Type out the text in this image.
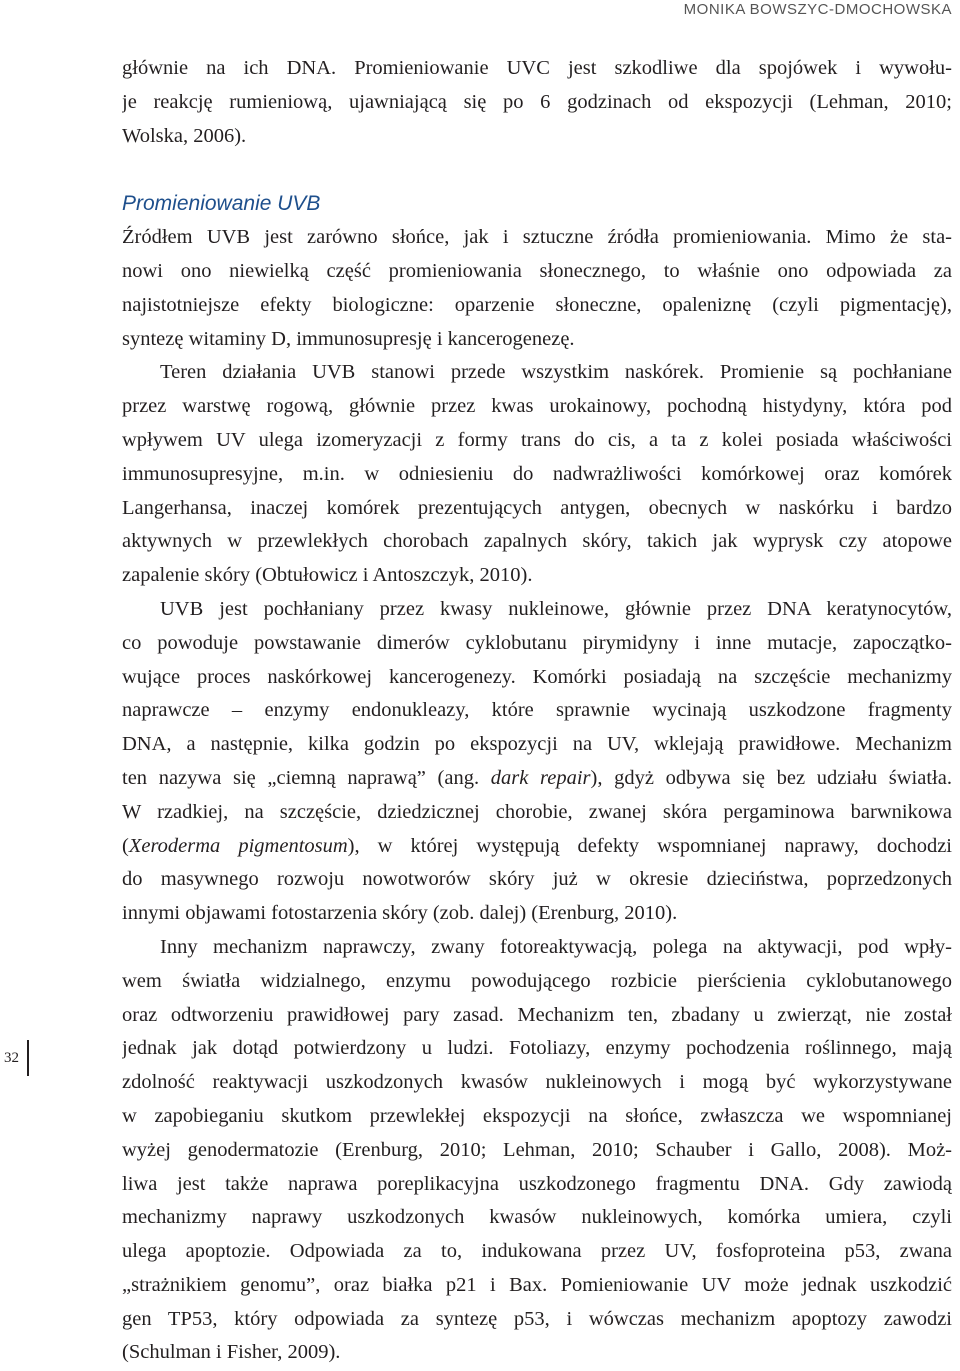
MONIKA BOWSZYC-DMOCHOWSKA
32
głównie na ich DNA. Promieniowanie UVC jest szkodliwe dla spojówek i wywołu-
je reakcję rumieniową, ujawniającą się po 6 godzinach od ekspozycji (Lehman, 2010;
Wolska, 2006).
Promieniowanie UVB
Źródłem UVB jest zarówno słońce, jak i sztuczne źródła promieniowania. Mimo że sta-
nowi ono niewielką część promieniowania słonecznego, to właśnie ono odpowiada za
najistotniejsze efekty biologiczne: oparzenie słoneczne, opaleniznę (czyli pigmentację),
syntezę witaminy D, immunosupresję i kancerogenezę.
Teren działania UVB stanowi przede wszystkim naskórek. Promienie są pochłaniane
przez warstwę rogową, głównie przez kwas urokainowy, pochodną histydyny, która pod
wpływem UV ulega izomeryzacji z formy trans do cis, a ta z kolei posiada właściwości
immunosupresyjne, m.in. w odniesieniu do nadwrażliwości komórkowej oraz komórek
Langerhansa, inaczej komórek prezentujących antygen, obecnych w naskórku i bardzo
aktywnych w przewlekłych chorobach zapalnych skóry, takich jak wyprysk czy atopowe
zapalenie skóry (Obtułowicz i Antoszczyk, 2010).
UVB jest pochłaniany przez kwasy nukleinowe, głównie przez DNA keratynocytów,
co powoduje powstawanie dimerów cyklobutanu pirymidyny i inne mutacje, zapoczątko-
wujące proces naskórkowej kancerogenezy. Komórki posiadają na szczęście mechanizmy
naprawcze – enzymy endonukleazy, które sprawnie wycinają uszkodzone fragmenty
DNA, a następnie, kilka godzin po ekspozycji na UV, wklejają prawidłowe. Mechanizm
ten nazywa się „ciemną naprawą” (ang. dark repair), gdyż odbywa się bez udziału światła.
W rzadkiej, na szczęście, dziedzicznej chorobie, zwanej skóra pergaminowa barwnikowa
(Xeroderma pigmentosum), w której występują defekty wspomnianej naprawy, dochodzi
do masywnego rozwoju nowotworów skóry już w okresie dzieciństwa, poprzedzonych
innymi objawami fotostarzenia skóry (zob. dalej) (Erenburg, 2010).
Inny mechanizm naprawczy, zwany fotoreaktywacją, polega na aktywacji, pod wpły-
wem światła widzialnego, enzymu powodującego rozbicie pierścienia cyklobutanowego
oraz odtworzeniu prawidłowej pary zasad. Mechanizm ten, zbadany u zwierząt, nie został
jednak jak dotąd potwierdzony u ludzi. Fotoliazy, enzymy pochodzenia roślinnego, mają
zdolność reaktywacji uszkodzonych kwasów nukleinowych i mogą być wykorzystywane
w zapobieganiu skutkom przewlekłej ekspozycji na słońce, zwłaszcza we wspomnianej
wyżej genodermatozie (Erenburg, 2010; Lehman, 2010; Schauber i Gallo, 2008). Moż-
liwa jest także naprawa poreplikacyjna uszkodzonego fragmentu DNA. Gdy zawiodą
mechanizmy naprawy uszkodzonych kwasów nukleinowych, komórka umiera, czyli
ulega apoptozie. Odpowiada za to, indukowana przez UV, fosfoproteina p53, zwana
„strażnikiem genomu”, oraz białka p21 i Bax. Pomieniowanie UV może jednak uszkodzić
gen TP53, który odpowiada za syntezę p53, i wówczas mechanizm apoptozy zawodzi
(Schulman i Fisher, 2009).
